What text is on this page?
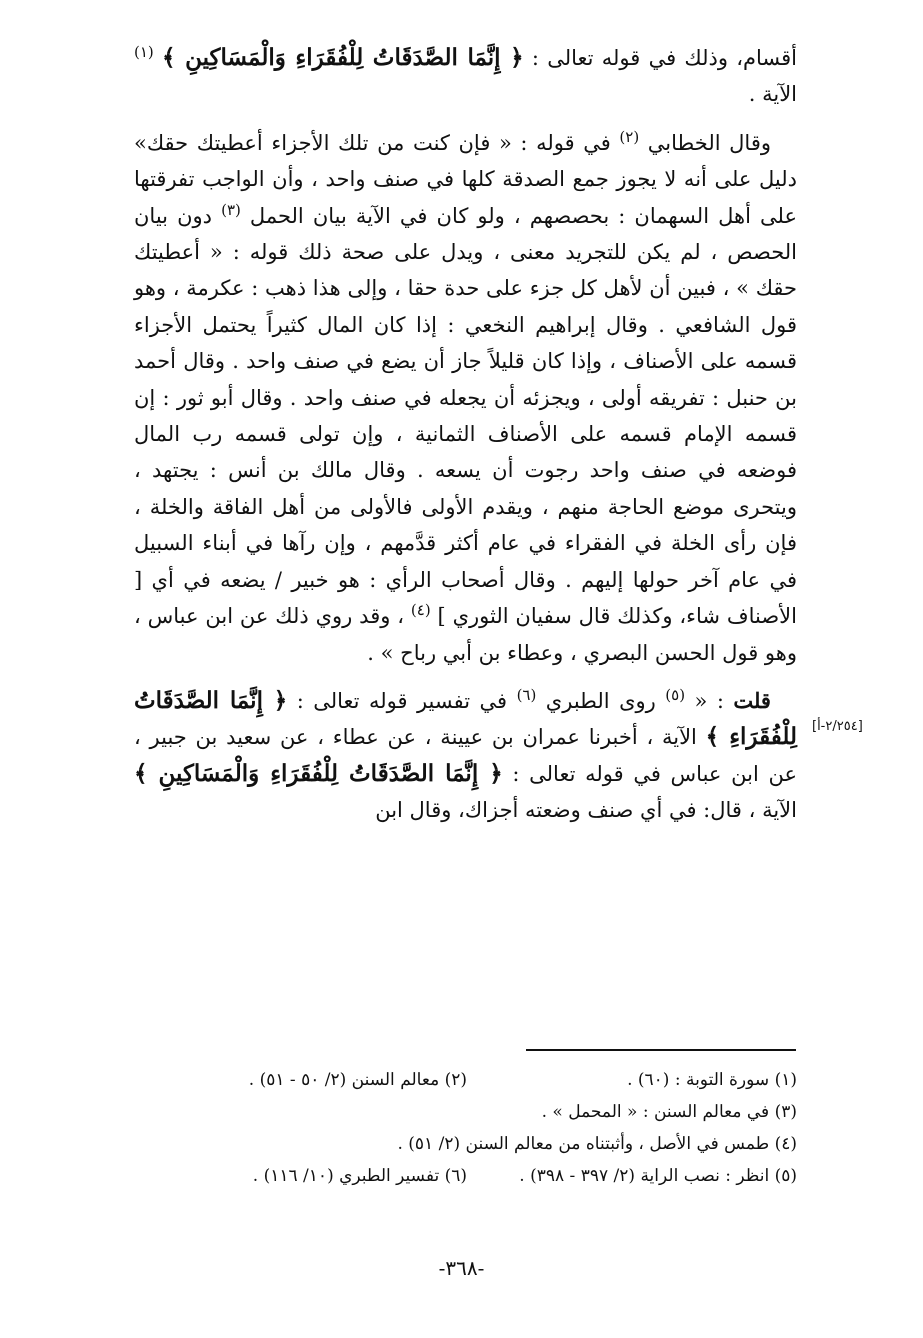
أقسام، وذلك في قوله تعالى : ﴿ إِنَّمَا الصَّدَقَاتُ لِلْفُقَرَاءِ وَالْمَسَاكِينِ ﴾ $^{(١)}$ الآية .

وقال الخطابي $^{(٢)}$ في قوله : « فإن كنت من تلك الأجزاء أعطيتك حقك» دليل على أنه لا يجوز جمع الصدقة كلها في صنف واحد ، وأن الواجب تفرقتها على أهل السهمان : بحصصهم ، ولو كان في الآية بيان الحمل $^{(٣)}$ دون بيان الحصص ، لم يكن للتجريد معنى ، ويدل على صحة ذلك قوله : « أعطيتك حقك » ، فبين أن لأهل كل جزء على حدة حقا ، وإلى هذا ذهب : عكرمة ، وهو قول الشافعي . وقال إبراهيم النخعي : إذا كان المال كثيراً يحتمل الأجزاء قسمه على الأصناف ، وإذا كان قليلاً جاز أن يضع في صنف واحد . وقال أحمد بن حنبل : تفريقه أولى ، ويجزئه أن يجعله في صنف واحد . وقال أبو ثور : إن قسمه الإمام قسمه على الأصناف الثمانية ، وإن تولى قسمه رب المال فوضعه في صنف واحد رجوت أن يسعه . وقال مالك بن أنس : يجتهد ، ويتحرى موضع الحاجة منهم ، ويقدم الأولى فالأولى من أهل الفاقة والخلة ، فإن رأى الخلة في الفقراء في عام أكثر قدَّمهم ، وإن رآها في أبناء السبيل في عام آخر حولها إليهم . وقال أصحاب الرأي : هو خبير / يضعه في أي [ الأصناف شاء، وكذلك قال سفيان الثوري ] $^{(٤)}$ ، وقد روي ذلك عن ابن عباس ، وهو قول الحسن البصري ، وعطاء بن أبي رباح » .

قلت : « $^{(٥)}$ روى الطبري $^{(٦)}$ في تفسير قوله تعالى : ﴿ إِنَّمَا الصَّدَقَاتُ لِلْفُقَرَاءِ ﴾ الآية ، أخبرنا عمران بن عيينة ، عن عطاء ، عن سعيد بن جبير ، عن ابن عباس في قوله تعالى : ﴿ إِنَّمَا الصَّدَقَاتُ لِلْفُقَرَاءِ وَالْمَسَاكِينِ ﴾ الآية ، قال: في أي صنف وضعته أجزاك، وقال ابن

[٢/٢٥٤-أ]
(١) سورة التوبة : (٦٠) .
(٢) معالم السنن (٢/ ٥٠ - ٥١) .
(٣) في معالم السنن : « المحمل » .
(٤) طمس في الأصل ، وأثبتناه من معالم السنن (٢/ ٥١) .
(٥) انظر : نصب الراية (٢/ ٣٩٧ - ٣٩٨) .
(٦) تفسير الطبري (١٠/ ١١٦) .
-٣٦٨-
